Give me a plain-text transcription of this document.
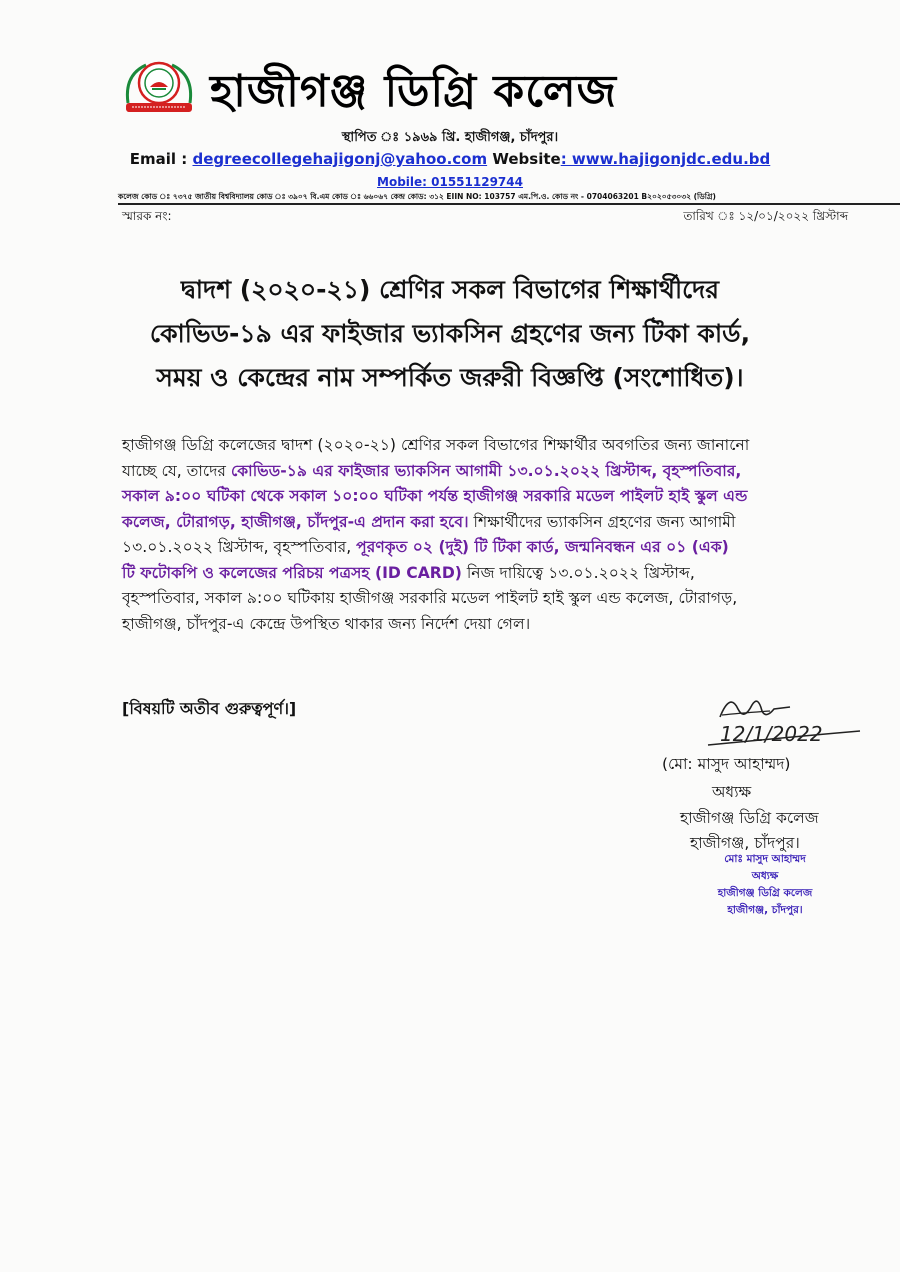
হাজীগঞ্জ ডিগ্রি কলেজ
স্থাপিত ঃ ১৯৬৯ খ্রি. হাজীগঞ্জ, চাঁদপুর।
Email : degreecollegehajigonj@yahoo.com Website: www.hajigonjdc.edu.bd
Mobile: 01551129744
কলেজ কোড ঃ ৭৩৭৫ জাতীয় বিশ্ববিদ্যালয় কোড ঃ ৩৯০৭ বি.এম কোড ঃ ৬৬০৬৭ কেন্দ্র কোড: ৩১২ EIIN NO: 103757 এম.পি.ও. কোড নং - 0704063201 B২০২০৫৩০৩২ (ডিগ্রি)
স্মারক নং:	তারিখ ঃ ১২/০১/২০২২ খ্রিস্টাব্দ
দ্বাদশ (২০২০-২১) শ্রেণির সকল বিভাগের শিক্ষার্থীদের
কোভিড-১৯ এর ফাইজার ভ্যাকসিন গ্রহণের জন্য টিকা কার্ড,
সময় ও কেন্দ্রের নাম সম্পর্কিত জরুরী বিজ্ঞপ্তি (সংশোধিত)।
হাজীগঞ্জ ডিগ্রি কলেজের দ্বাদশ (২০২০-২১) শ্রেণির সকল বিভাগের শিক্ষার্থীর অবগতির জন্য জানানো
যাচ্ছে যে, তাদের কোভিড-১৯ এর ফাইজার ভ্যাকসিন আগামী ১৩.০১.২০২২ খ্রিস্টাব্দ, বৃহস্পতিবার,
সকাল ৯:০০ ঘটিকা থেকে সকাল ১০:০০ ঘটিকা পর্যন্ত হাজীগঞ্জ সরকারি মডেল পাইলট হাই স্কুল এন্ড
কলেজ, টোরাগড়, হাজীগঞ্জ, চাঁদপুর-এ প্রদান করা হবে। শিক্ষার্থীদের ভ্যাকসিন গ্রহণের জন্য আগামী
১৩.০১.২০২২ খ্রিস্টাব্দ, বৃহস্পতিবার, পূরণকৃত ০২ (দুই) টি টিকা কার্ড, জন্মনিবন্ধন এর ০১ (এক)
টি ফটোকপি ও কলেজের পরিচয় পত্রসহ (ID CARD) নিজ দায়িত্বে ১৩.০১.২০২২ খ্রিস্টাব্দ,
বৃহস্পতিবার, সকাল ৯:০০ ঘটিকায় হাজীগঞ্জ সরকারি মডেল পাইলট হাই স্কুল এন্ড কলেজ, টোরাগড়,
হাজীগঞ্জ, চাঁদপুর-এ কেন্দ্রে উপস্থিত থাকার জন্য নির্দেশ দেয়া গেল।
[বিষয়টি অতীব গুরুত্বপূর্ণ।]
12/1/2022
(মো: মাসুদ আহাম্মদ)
অধ্যক্ষ
হাজীগঞ্জ ডিগ্রি কলেজ
হাজীগঞ্জ, চাঁদপুর।
মোঃ মাসুদ আহাম্মদ
অধ্যক্ষ
হাজীগঞ্জ ডিগ্রি কলেজ
হাজীগঞ্জ, চাঁদপুর।
